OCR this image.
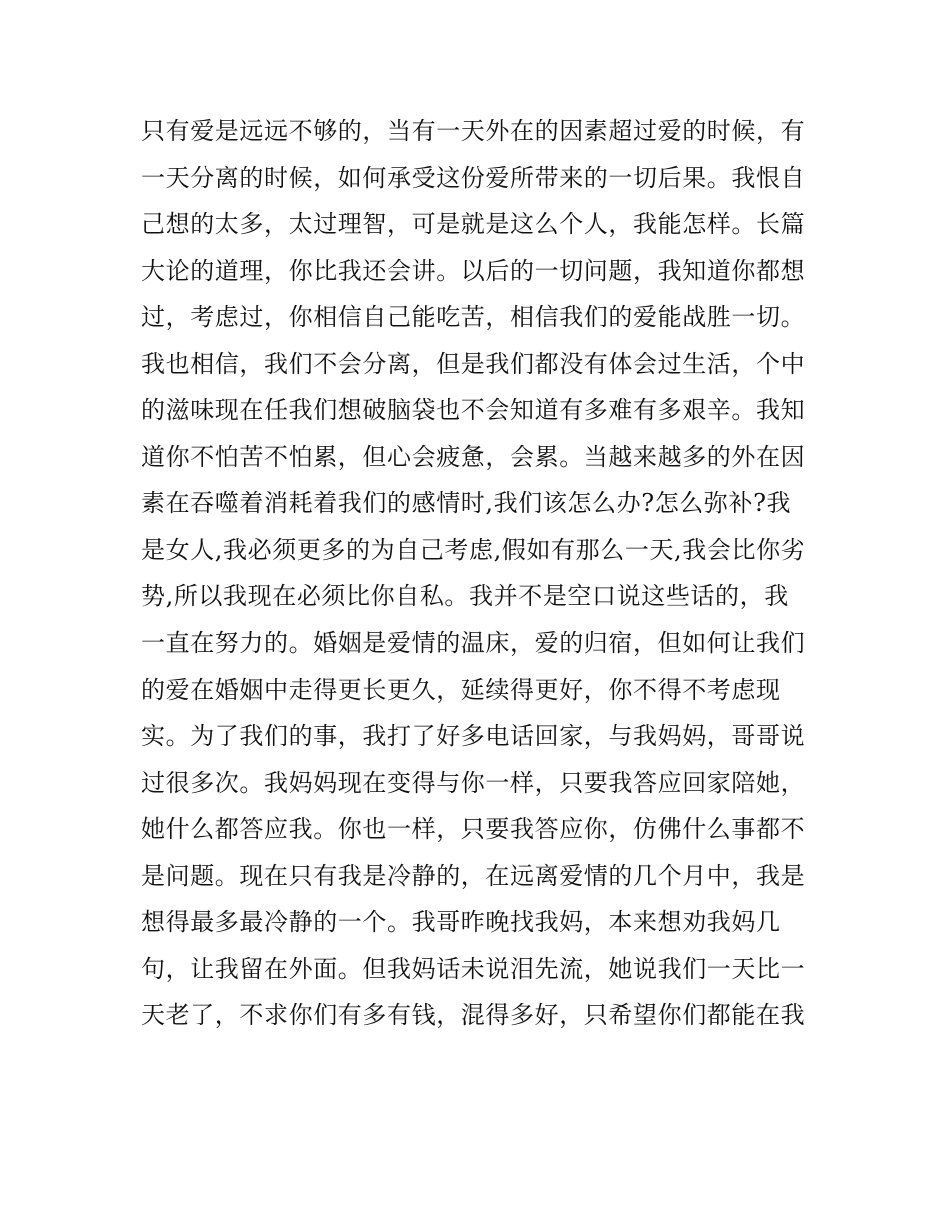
只有爱是远远不够的，当有一天外在的因素超过爱的时候，有
一天分离的时候，如何承受这份爱所带来的一切后果。我恨自
己想的太多，太过理智，可是就是这么个人，我能怎样。长篇
大论的道理，你比我还会讲。以后的一切问题，我知道你都想
过，考虑过，你相信自己能吃苦，相信我们的爱能战胜一切。
我也相信，我们不会分离，但是我们都没有体会过生活，个中
的滋味现在任我们想破脑袋也不会知道有多难有多艰辛。我知
道你不怕苦不怕累，但心会疲惫，会累。当越来越多的外在因
素在吞噬着消耗着我们的感情时,我们该怎么办?怎么弥补?我
是女人,我必须更多的为自己考虑,假如有那么一天,我会比你劣
势,所以我现在必须比你自私。我并不是空口说这些话的，我
一直在努力的。婚姻是爱情的温床，爱的归宿，但如何让我们
的爱在婚姻中走得更长更久，延续得更好，你不得不考虑现
实。为了我们的事，我打了好多电话回家，与我妈妈，哥哥说
过很多次。我妈妈现在变得与你一样，只要我答应回家陪她，
她什么都答应我。你也一样，只要我答应你，仿佛什么事都不
是问题。现在只有我是冷静的，在远离爱情的几个月中，我是
想得最多最冷静的一个。我哥昨晚找我妈，本来想劝我妈几
句，让我留在外面。但我妈话未说泪先流，她说我们一天比一
天老了，不求你们有多有钱，混得多好，只希望你们都能在我
